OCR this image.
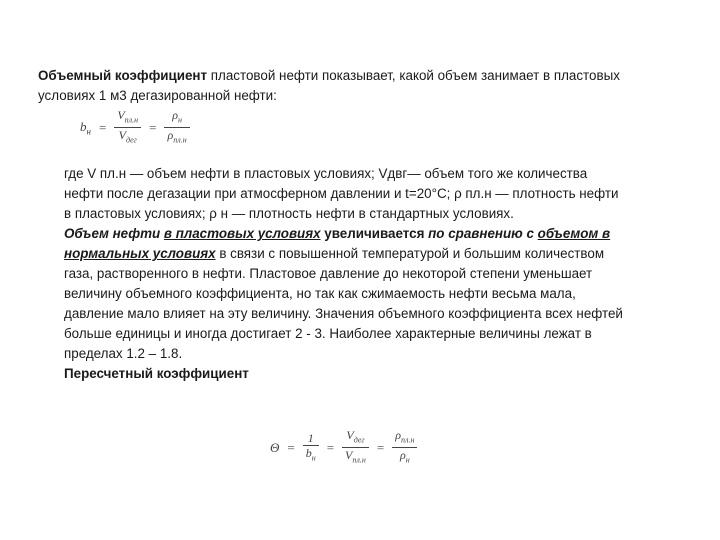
Объемный коэффициент пластовой нефти показывает, какой объем занимает в пластовых
условиях 1 м3 дегазированной нефти:
$b_н = \frac{V_{пл.н}}{V_{дег}} = \frac{\rho_н}{\rho_{пл.н}}$

где V пл.н — объем нефти в пластовых условиях; Vдвг— объем того же количества нефти после дегазации при атмосферном давлении и t=20°С; ρ пл.н — плотность нефти в пластовых условиях; ρ н — плотность нефти в стандартных условиях.

Объем нефти в пластовых условиях увеличивается по сравнению с объемом в нормальных условиях в связи с повышенной температурой и большим количеством газа, растворенного в нефти. Пластовое давление до некоторой степени уменьшает величину объемного коэффициента, но так как сжимаемость нефти весьма мала, давление мало влияет на эту величину. Значения объемного коэффициента всех нефтей больше единицы и иногда достигает 2 - 3. Наиболее характерные величины лежат в пределах 1.2 – 1.8.

Пересчетный коэффициент

$\Theta = \frac{1}{b_н} = \frac{V_{дег}}{V_{пл.н}} = \frac{\rho_{пл.н}}{\rho_н}$
